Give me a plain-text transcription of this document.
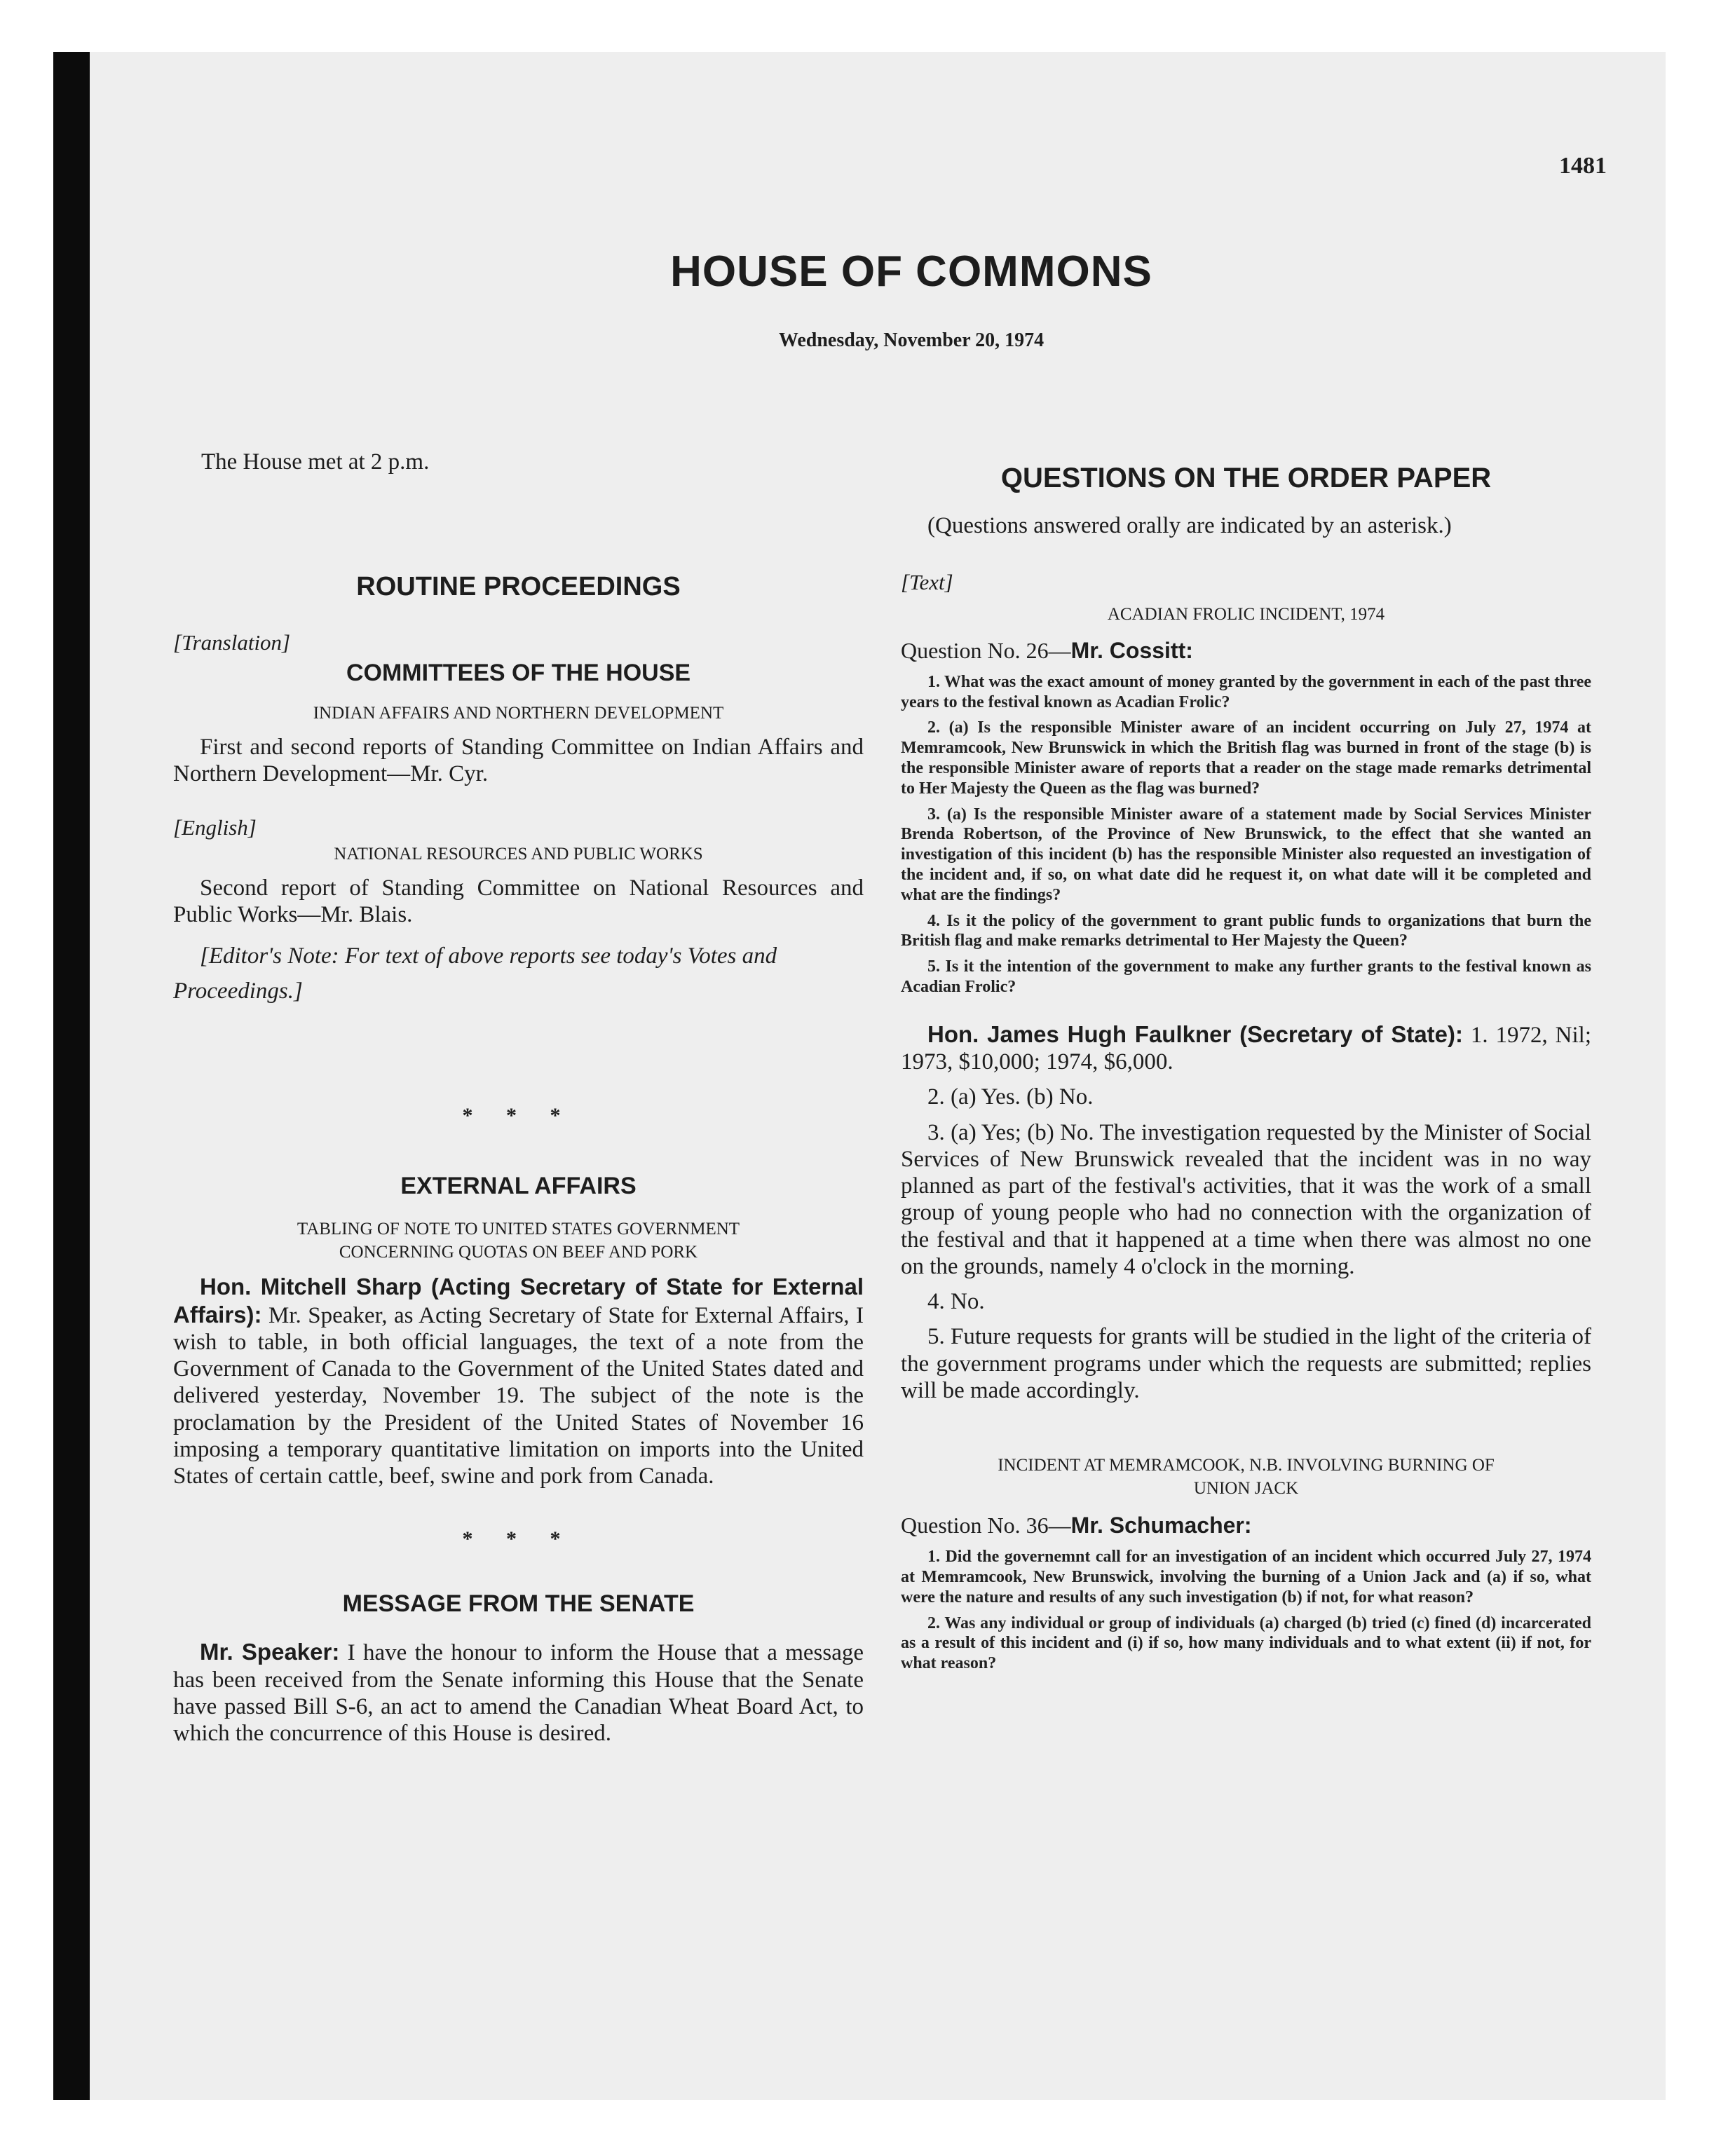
1481
HOUSE OF COMMONS
Wednesday, November 20, 1974

The House met at 2 p.m.

ROUTINE PROCEEDINGS

[Translation]

COMMITTEES OF THE HOUSE

INDIAN AFFAIRS AND NORTHERN DEVELOPMENT

First and second reports of Standing Committee on Indian Affairs and Northern Development—Mr. Cyr.

[English]

NATIONAL RESOURCES AND PUBLIC WORKS

Second report of Standing Committee on National Resources and Public Works—Mr. Blais.

[Editor's Note: For text of above reports see today's Votes and Proceedings.]

* * *

EXTERNAL AFFAIRS

TABLING OF NOTE TO UNITED STATES GOVERNMENT

CONCERNING QUOTAS ON BEEF AND PORK

Hon. Mitchell Sharp (Acting Secretary of State for External Affairs): Mr. Speaker, as Acting Secretary of State for External Affairs, I wish to table, in both official languages, the text of a note from the Government of Canada to the Government of the United States dated and delivered yesterday, November 19. The subject of the note is the proclamation by the President of the United States of November 16 imposing a temporary quantitative limitation on imports into the United States of certain cattle, beef, swine and pork from Canada.

* * *

MESSAGE FROM THE SENATE

Mr. Speaker: I have the honour to inform the House that a message has been received from the Senate informing this House that the Senate have passed Bill S-6, an act to amend the Canadian Wheat Board Act, to which the concurrence of this House is desired.

QUESTIONS ON THE ORDER PAPER

(Questions answered orally are indicated by an asterisk.)

[Text]

ACADIAN FROLIC INCIDENT, 1974

Question No. 26—Mr. Cossitt:

1. What was the exact amount of money granted by the government in each of the past three years to the festival known as Acadian Frolic?

2. (a) Is the responsible Minister aware of an incident occurring on July 27, 1974 at Memramcook, New Brunswick in which the British flag was burned in front of the stage (b) is the responsible Minister aware of reports that a reader on the stage made remarks detrimental to Her Majesty the Queen as the flag was burned?

3. (a) Is the responsible Minister aware of a statement made by Social Services Minister Brenda Robertson, of the Province of New Brunswick, to the effect that she wanted an investigation of this incident (b) has the responsible Minister also requested an investigation of the incident and, if so, on what date did he request it, on what date will it be completed and what are the findings?

4. Is it the policy of the government to grant public funds to organizations that burn the British flag and make remarks detrimental to Her Majesty the Queen?

5. Is it the intention of the government to make any further grants to the festival known as Acadian Frolic?

Hon. James Hugh Faulkner (Secretary of State): 1. 1972, Nil; 1973, $10,000; 1974, $6,000.

2. (a) Yes. (b) No.

3. (a) Yes; (b) No. The investigation requested by the Minister of Social Services of New Brunswick revealed that the incident was in no way planned as part of the festival's activities, that it was the work of a small group of young people who had no connection with the organization of the festival and that it happened at a time when there was almost no one on the grounds, namely 4 o'clock in the morning.

4. No.

5. Future requests for grants will be studied in the light of the criteria of the government programs under which the requests are submitted; replies will be made accordingly.

INCIDENT AT MEMRAMCOOK, N.B. INVOLVING BURNING OF

UNION JACK

Question No. 36—Mr. Schumacher:

1. Did the governemnt call for an investigation of an incident which occurred July 27, 1974 at Memramcook, New Brunswick, involving the burning of a Union Jack and (a) if so, what were the nature and results of any such investigation (b) if not, for what reason?

2. Was any individual or group of individuals (a) charged (b) tried (c) fined (d) incarcerated as a result of this incident and (i) if so, how many individuals and to what extent (ii) if not, for what reason?
